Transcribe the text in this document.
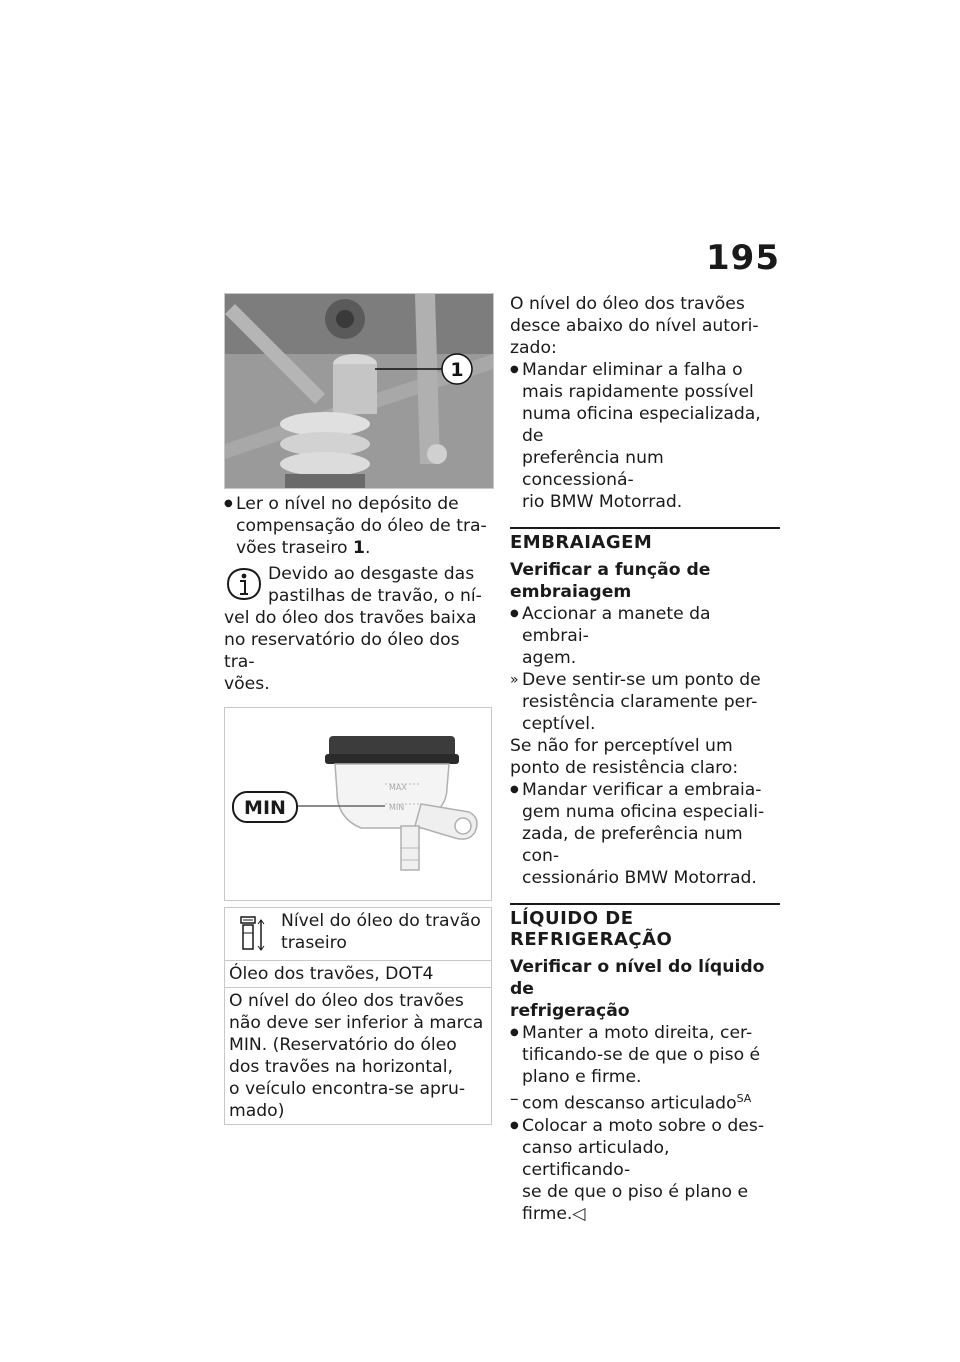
195
1
● Ler o nível no depósito de
compensação do óleo de tra-
vões traseiro 1.
Devido ao desgaste das
pastilhas de travão, o ní-
vel do óleo dos travões baixa
no reservatório do óleo dos tra-
vões.
MAX
MIN
MIN
Nível do óleo do travão
traseiro
Óleo dos travões, DOT4
O nível do óleo dos travões
não deve ser inferior à marca
MIN. (Reservatório do óleo
dos travões na horizontal,
o veículo encontra-se apru-
mado)
O nível do óleo dos travões
desce abaixo do nível autori-
zado:
● Mandar eliminar a falha o
mais rapidamente possível
numa oficina especializada, de
preferência num concessioná-
rio BMW Motorrad.
EMBRAIAGEM
Verificar a função de
embraiagem
● Accionar a manete da embrai-
agem.
» Deve sentir-se um ponto de
resistência claramente per-
ceptível.
Se não for perceptível um
ponto de resistência claro:
● Mandar verificar a embraia-
gem numa oficina especiali-
zada, de preferência num con-
cessionário BMW Motorrad.
LÍQUIDO DE REFRIGERAÇÃO
Verificar o nível do líquido de
refrigeração
● Manter a moto direita, cer-
tificando-se de que o piso é
plano e firme.
– com descanso articulado$^{SA}$
● Colocar a moto sobre o des-
canso articulado, certificando-
se de que o piso é plano e
firme.◁
